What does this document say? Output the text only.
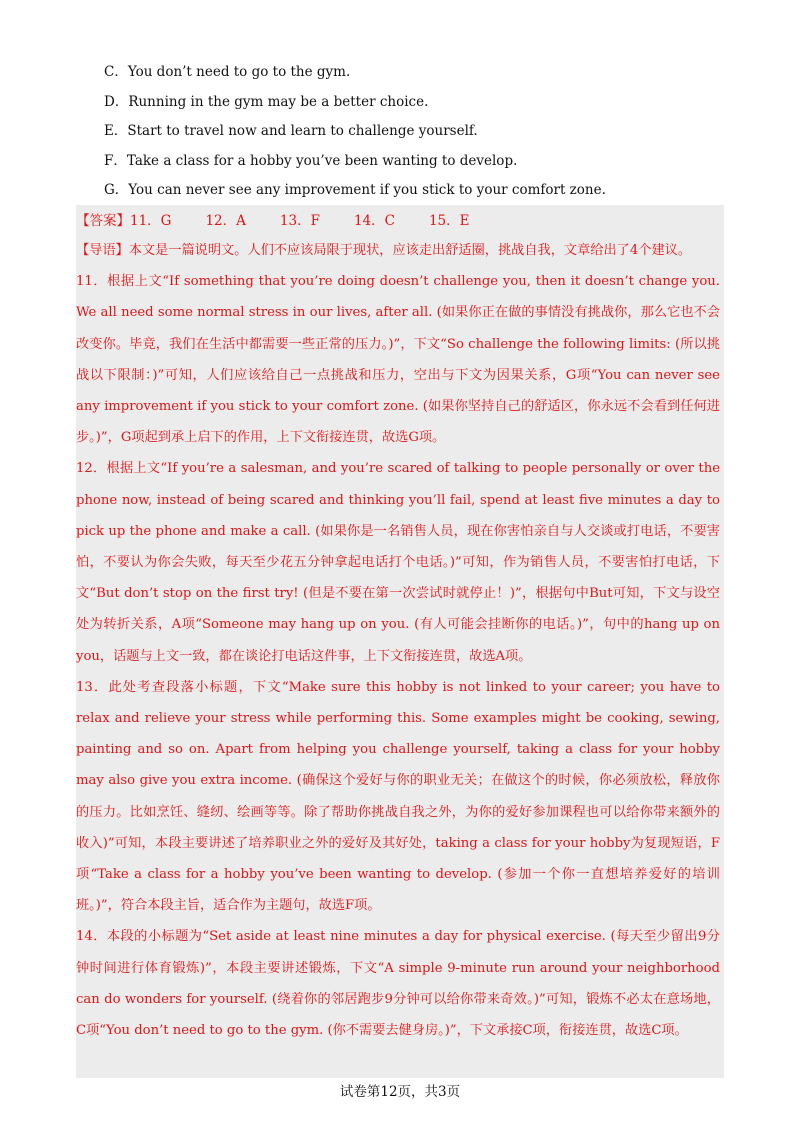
C．You don’t need to go to the gym.
D．Running in the gym may be a better choice.
E．Start to travel now and learn to challenge yourself.
F．Take a class for a hobby you’ve been wanting to develop.
G．You can never see any improvement if you stick to your comfort zone.
【答案】11．G	12．A	13．F	14．C	15．E
【导语】本文是一篇说明文。人们不应该局限于现状，应该走出舒适圈，挑战自我，文章给出了4个建议。
11．根据上文“If something that you’re doing doesn’t challenge you, then it doesn’t change you. We all need some normal stress in our lives, after all. (如果你正在做的事情没有挑战你，那么它也不会改变你。毕竟，我们在生活中都需要一些正常的压力。)”，下文“So challenge the following limits: (所以挑战以下限制：)”可知，人们应该给自己一点挑战和压力，空出与下文为因果关系，G项“You can never see any improvement if you stick to your comfort zone. (如果你坚持自己的舒适区，你永远不会看到任何进步。)”，G项起到承上启下的作用，上下文衔接连贯，故选G项。
12．根据上文“If you’re a salesman, and you’re scared of talking to people personally or over the phone now, instead of being scared and thinking you’ll fail, spend at least five minutes a day to pick up the phone and make a call. (如果你是一名销售人员，现在你害怕亲自与人交谈或打电话，不要害怕，不要认为你会失败，每天至少花五分钟拿起电话打个电话。)”可知，作为销售人员，不要害怕打电话，下文“But don’t stop on the first try! (但是不要在第一次尝试时就停止！)”，根据句中But可知，下文与设空处为转折关系，A项“Someone may hang up on you. (有人可能会挂断你的电话。)”，句中的hang up on you，话题与上文一致，都在谈论打电话这件事，上下文衔接连贯，故选A项。
13．此处考查段落小标题，下文“Make sure this hobby is not linked to your career; you have to relax and relieve your stress while performing this. Some examples might be cooking, sewing, painting and so on. Apart from helping you challenge yourself, taking a class for your hobby may also give you extra income. (确保这个爱好与你的职业无关；在做这个的时候，你必须放松，释放你的压力。比如烹饪、缝纫、绘画等等。除了帮助你挑战自我之外，为你的爱好参加课程也可以给你带来额外的收入)”可知，本段主要讲述了培养职业之外的爱好及其好处，taking a class for your hobby为复现短语，F项“Take a class for a hobby you’ve been wanting to develop. (参加一个你一直想培养爱好的培训班。)”，符合本段主旨，适合作为主题句，故选F项。
14．本段的小标题为“Set aside at least nine minutes a day for physical exercise. (每天至少留出9分钟时间进行体育锻炼)”，本段主要讲述锻炼，下文“A simple 9-minute run around your neighborhood can do wonders for yourself. (绕着你的邻居跑步9分钟可以给你带来奇效。)”可知，锻炼不必太在意场地，C项“You don’t need to go to the gym. (你不需要去健身房。)”，下文承接C项，衔接连贯，故选C项。
试卷第12页，共3页
